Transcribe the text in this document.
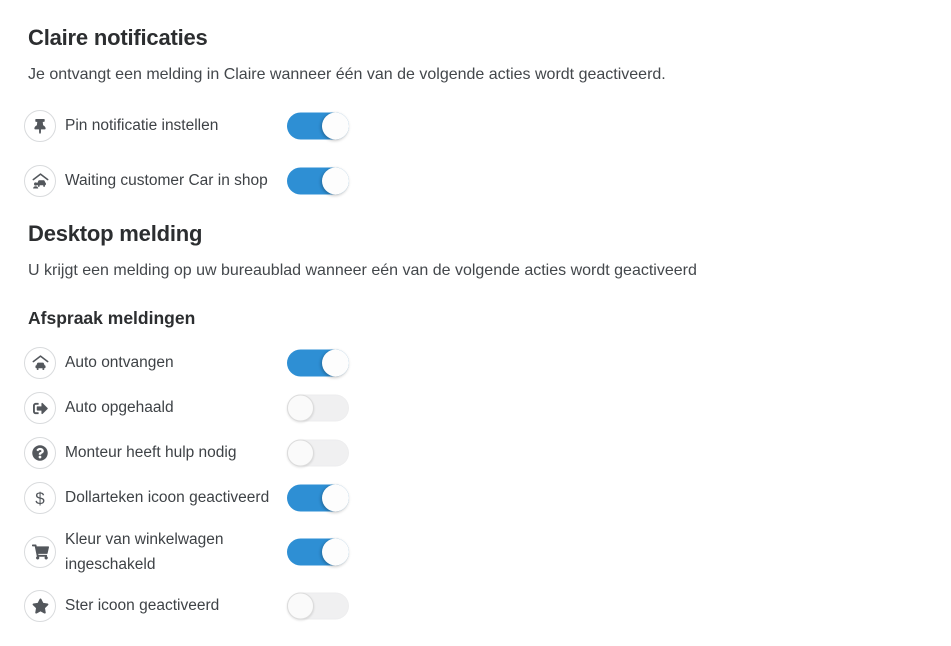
Claire notificaties

Je ontvangt een melding in Claire wanneer één van de volgende acties wordt geactiveerd.

Pin notificatie instellen
Waiting customer Car in shop
Desktop melding

U krijgt een melding op uw bureaublad wanneer eén van de volgende acties wordt geactiveerd

Afspraak meldingen
Auto ontvangen
Auto opgehaald
Monteur heeft hulp nodig
$ Dollarteken icoon geactiveerd
Kleur van winkelwagen
ingeschakeld
Ster icoon geactiveerd
